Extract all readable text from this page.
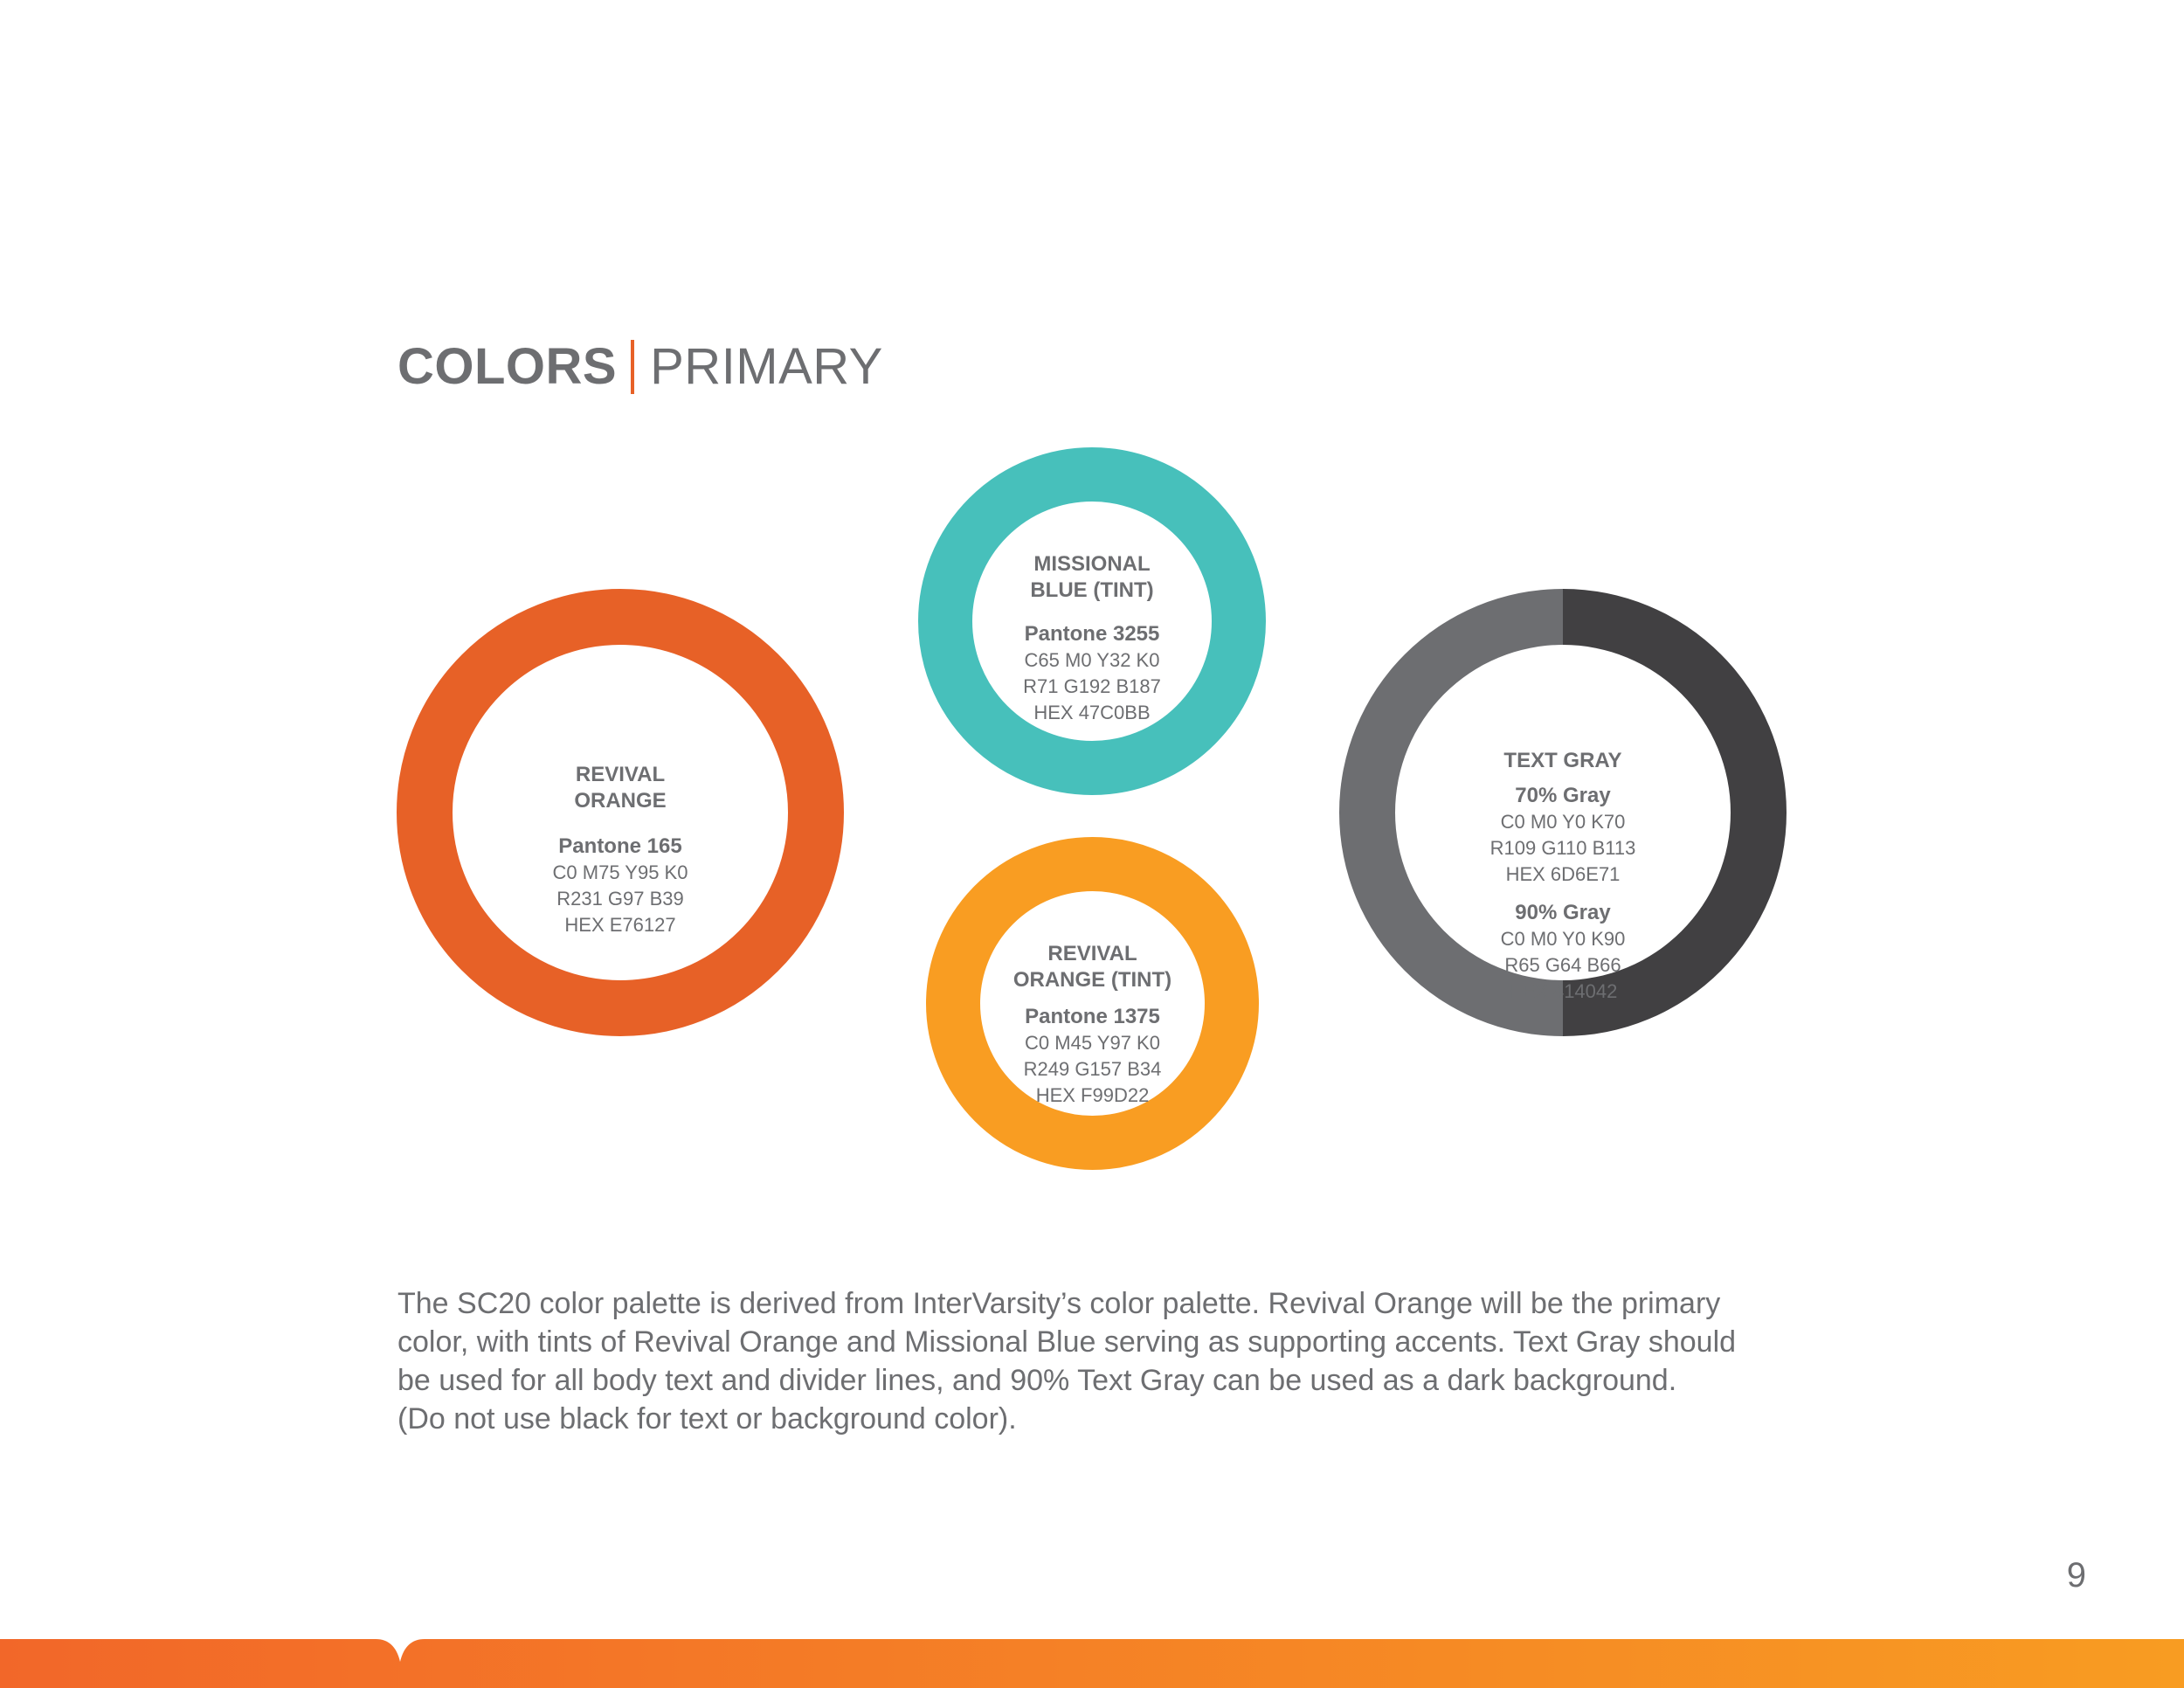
COLORS PRIMARY
REVIVAL
ORANGE
Pantone 165
C0 M75 Y95 K0
R231 G97 B39
HEX E76127
MISSIONAL
BLUE (TINT)
Pantone 3255
C65 M0 Y32 K0
R71 G192 B187
HEX 47C0BB
REVIVAL
ORANGE (TINT)
Pantone 1375
C0 M45 Y97 K0
R249 G157 B34
HEX F99D22
TEXT GRAY
70% Gray
C0 M0 Y0 K70
R109 G110 B113
HEX 6D6E71
90% Gray
C0 M0 Y0 K90
R65 G64 B66
HEX 414042
The SC20 color palette is derived from InterVarsity’s color palette. Revival Orange will be the primary
color, with tints of Revival Orange and Missional Blue serving as supporting accents. Text Gray should
be used for all body text and divider lines, and 90% Text Gray can be used as a dark background.
(Do not use black for text or background color).
9
